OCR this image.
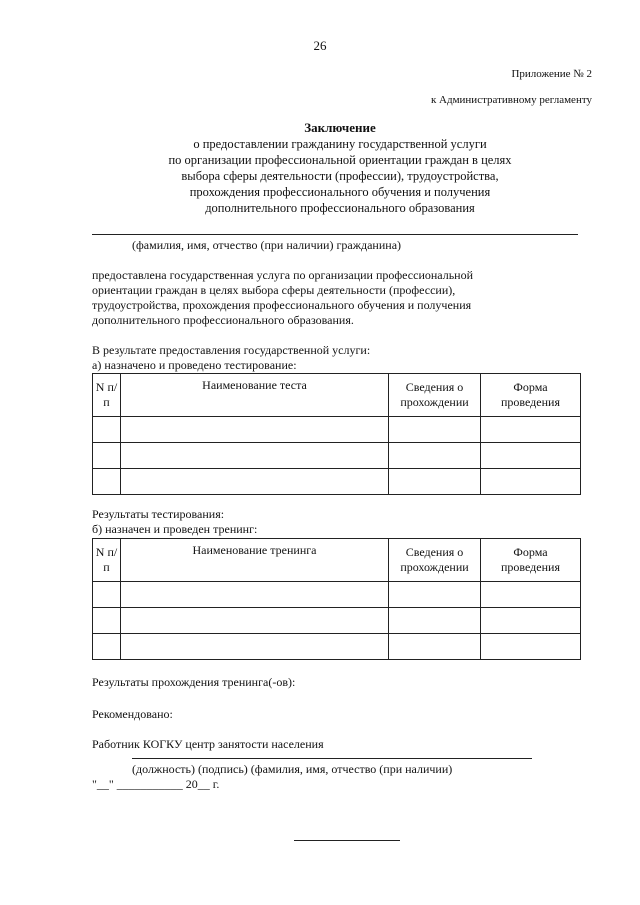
26
Приложение № 2
к Административному регламенту
Заключение
о предоставлении гражданину государственной услуги
по организации профессиональной ориентации граждан в целях
выбора сферы деятельности (профессии), трудоустройства,
прохождения профессионального обучения и получения
дополнительного профессионального образования
(фамилия, имя, отчество (при наличии) гражданина)
предоставлена государственная услуга по организации профессиональной
ориентации граждан в целях выбора сферы деятельности (профессии),
трудоустройства, прохождения профессионального обучения и получения
дополнительного профессионального образования.
В результате предоставления государственной услуги:
а) назначено и проведено тестирование:
N п/п	Наименование теста	Сведения о прохождении	Форма проведения

Результаты тестирования:
б) назначен и проведен тренинг:
N п/п	Наименование тренинга	Сведения о прохождении	Форма проведения

Результаты прохождения тренинга(-ов):
Рекомендовано:
Работник КОГКУ центр занятости населения
(должность) (подпись) (фамилия, имя, отчество (при наличии)
"__" ___________ 20__ г.
